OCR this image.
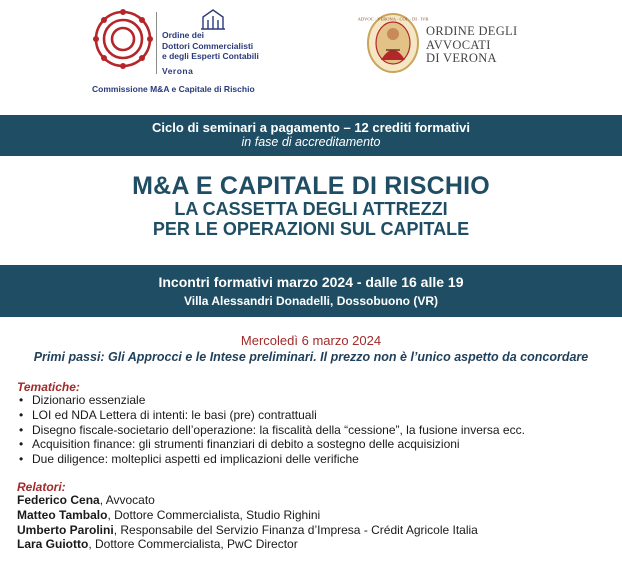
Ordine dei
Dottori Commercialisti
e degli Esperti Contabili
Verona
Commissione M&A e Capitale di Rischio
ADVOC · VERONA · COL · DI · IVR
ORDINE DEGLI
AVVOCATI
DI VERONA
Ciclo di seminari a pagamento – 12 crediti formativi
in fase di accreditamento
M&A E CAPITALE DI RISCHIO
LA CASSETTA DEGLI ATTREZZI
PER LE OPERAZIONI SUL CAPITALE
Incontri formativi marzo 2024 - dalle 16 alle 19
Villa Alessandri Donadelli, Dossobuono (VR)
Mercoledì 6 marzo 2024
Primi passi: Gli Approcci e le Intese preliminari. Il prezzo non è l’unico aspetto da concordare
Tematiche:
• Dizionario essenziale
• LOI ed NDA Lettera di intenti: le basi (pre) contrattuali
• Disegno fiscale-societario dell’operazione: la fiscalità della “cessione”, la fusione inversa ecc.
• Acquisition finance: gli strumenti finanziari di debito a sostegno delle acquisizioni
• Due diligence: molteplici aspetti ed implicazioni delle verifiche
Relatori:
Federico Cena, Avvocato
Matteo Tambalo, Dottore Commercialista, Studio Righini
Umberto Parolini, Responsabile del Servizio Finanza d’Impresa - Crédit Agricole Italia
Lara Guiotto, Dottore Commercialista, PwC Director
